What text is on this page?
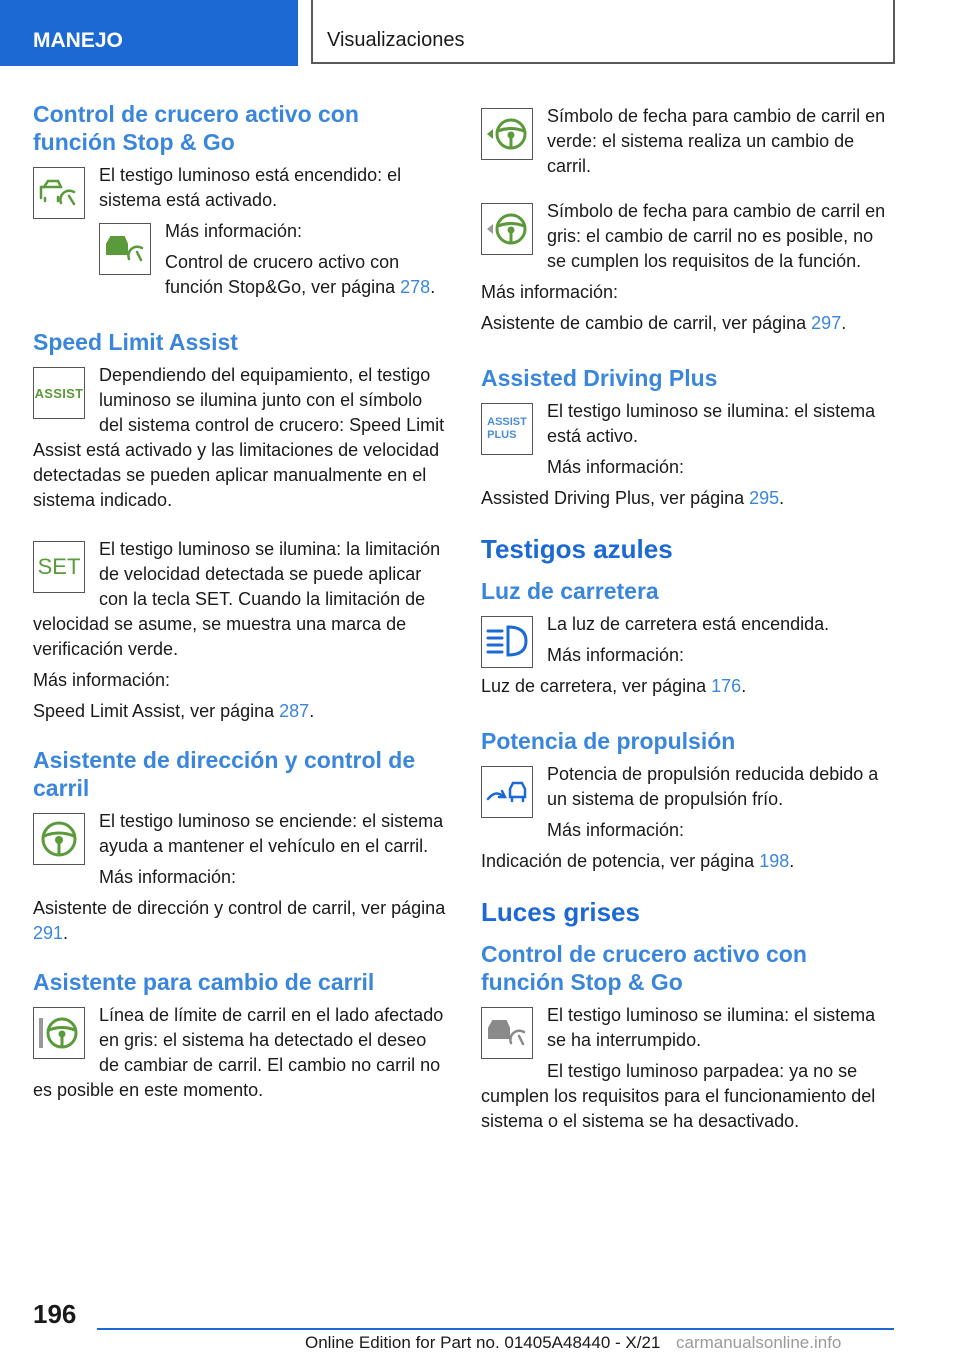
MANEJO	Visualizaciones
Control de crucero activo con función Stop & Go

El testigo luminoso está encendido: el sistema está activado.

Más información:

Control de crucero activo con función Stop&Go, ver página 278.

Speed Limit Assist
ASSIST

Dependiendo del equipamiento, el testigo luminoso se ilumina junto con el símbolo del sistema control de crucero: Speed Limit Assist está activado y las limitaciones de velocidad detectadas se pueden aplicar manualmente en el sistema indicado.

SET

El testigo luminoso se ilumina: la limitación de velocidad detectada se puede aplicar con la tecla SET. Cuando la limitación de velocidad se asume, se muestra una marca de verificación verde.

Más información:

Speed Limit Assist, ver página 287.

Asistente de dirección y control de carril

El testigo luminoso se enciende: el sistema ayuda a mantener el vehículo en el carril.

Más información:

Asistente de dirección y control de carril, ver página 291.

Asistente para cambio de carril

Línea de límite de carril en el lado afectado en gris: el sistema ha detectado el deseo de cambiar de carril. El cambio no carril no es posible en este momento.

Símbolo de fecha para cambio de carril en verde: el sistema realiza un cambio de carril.

Símbolo de fecha para cambio de carril en gris: el cambio de carril no es posible, no se cumplen los requisitos de la función.

Más información:

Asistente de cambio de carril, ver página 297.

Assisted Driving Plus
ASSIST
PLUS

El testigo luminoso se ilumina: el sistema está activo.

Más información:

Assisted Driving Plus, ver página 295.

Testigos azules
Luz de carretera

La luz de carretera está encendida.

Más información:

Luz de carretera, ver página 176.

Potencia de propulsión

Potencia de propulsión reducida debido a un sistema de propulsión frío.

Más información:

Indicación de potencia, ver página 198.

Luces grises
Control de crucero activo con función Stop & Go

El testigo luminoso se ilumina: el sistema se ha interrumpido.

El testigo luminoso parpadea: ya no se cumplen los requisitos para el funcionamiento del sistema o el sistema se ha desactivado.

196
Online Edition for Part no. 01405A48440 - X/21 carmanualsonline.info
